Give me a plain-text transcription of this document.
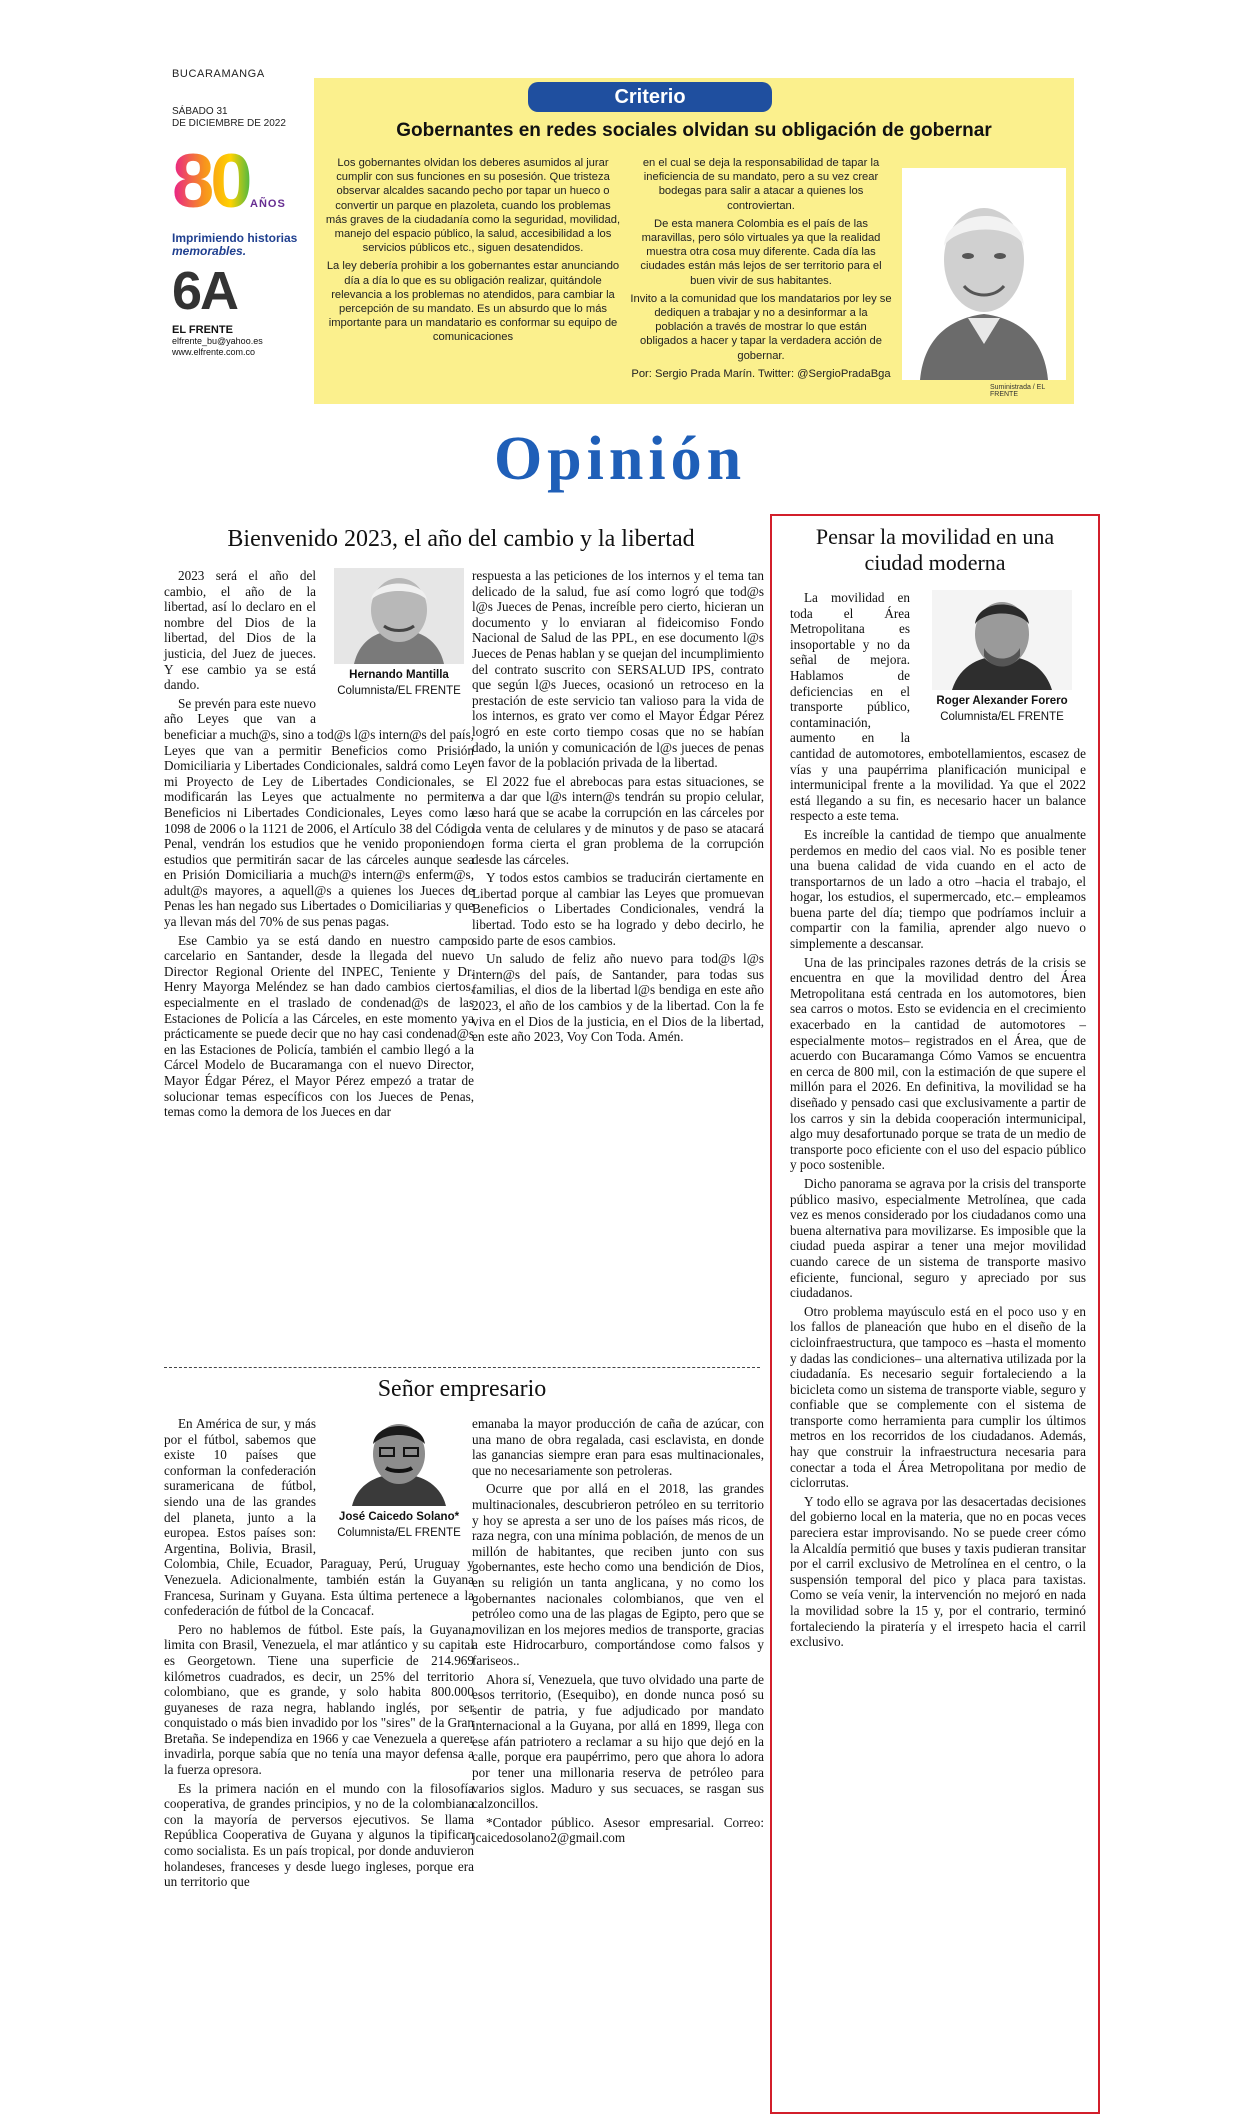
BUCARAMANGA
SÁBADO 31
DE DICIEMBRE DE 2022
80 AÑOS
Imprimiendo historias
memorables.
6A
EL FRENTE
elfrente_bu@yahoo.es
www.elfrente.com.co
Criterio
Gobernantes en redes sociales olvidan su obligación de gobernar

Los gobernantes olvidan los deberes asumidos al jurar cumplir con sus funciones en su posesión. Que tristeza observar alcaldes sacando pecho por tapar un hueco o convertir un parque en plazoleta, cuando los problemas más graves de la ciudadanía como la seguridad, movilidad, manejo del espacio público, la salud, accesibilidad a los servicios públicos etc., siguen desatendidos.

La ley debería prohibir a los gobernantes estar anunciando día a día lo que es su obligación realizar, quitándole relevancia a los problemas no atendidos, para cambiar la percepción de su mandato. Es un absurdo que lo más importante para un mandatario es conformar su equipo de comunicaciones

en el cual se deja la responsabilidad de tapar la ineficiencia de su mandato, pero a su vez crear bodegas para salir a atacar a quienes los controviertan.

De esta manera Colombia es el país de las maravillas, pero sólo virtuales ya que la realidad muestra otra cosa muy diferente. Cada día las ciudades están más lejos de ser territorio para el buen vivir de sus habitantes.

Invito a la comunidad que los mandatarios por ley se dediquen a trabajar y no a desinformar a la población a través de mostrar lo que están obligados a hacer y tapar la verdadera acción de gobernar.

Por: Sergio Prada Marín. Twitter: @SergioPradaBga

Suministrada / EL FRENTE
Opinión
Bienvenido 2023, el año del cambio y la libertad
Hernando Mantilla
Columnista/EL FRENTE

2023 será el año del cambio, el año de la libertad, así lo declaro en el nombre del Dios de la libertad, del Dios de la justicia, del Juez de jueces. Y ese cambio ya se está dando.

Se prevén para este nuevo año Leyes que van a beneficiar a much@s, sino a tod@s l@s intern@s del país, Leyes que van a permitir Beneficios como Prisión Domiciliaria y Libertades Condicionales, saldrá como Ley mi Proyecto de Ley de Libertades Condicionales, se modificarán las Leyes que actualmente no permiten Beneficios ni Libertades Condicionales, Leyes como la 1098 de 2006 o la 1121 de 2006, el Artículo 38 del Código Penal, vendrán los estudios que he venido proponiendo, estudios que permitirán sacar de las cárceles aunque sea en Prisión Domiciliaria a much@s intern@s enferm@s, adult@s mayores, a aquell@s a quienes los Jueces de Penas les han negado sus Libertades o Domiciliarias y que ya llevan más del 70% de sus penas pagas.

Ese Cambio ya se está dando en nuestro campo carcelario en Santander, desde la llegada del nuevo Director Regional Oriente del INPEC, Teniente y Dr. Henry Mayorga Meléndez se han dado cambios ciertos, especialmente en el traslado de condenad@s de las Estaciones de Policía a las Cárceles, en este momento ya prácticamente se puede decir que no hay casi condenad@s en las Estaciones de Policía, también el cambio llegó a la Cárcel Modelo de Bucaramanga con el nuevo Director, Mayor Édgar Pérez, el Mayor Pérez empezó a tratar de solucionar temas específicos con los Jueces de Penas, temas como la demora de los Jueces en dar

respuesta a las peticiones de los internos y el tema tan delicado de la salud, fue así como logró que tod@s l@s Jueces de Penas, increíble pero cierto, hicieran un documento y lo enviaran al fideicomiso Fondo Nacional de Salud de las PPL, en ese documento l@s Jueces de Penas hablan y se quejan del incumplimiento del contrato suscrito con SERSALUD IPS, contrato que según l@s Jueces, ocasionó un retroceso en la prestación de este servicio tan valioso para la vida de los internos, es grato ver como el Mayor Édgar Pérez logró en este corto tiempo cosas que no se habían dado, la unión y comunicación de l@s jueces de penas en favor de la población privada de la libertad.

El 2022 fue el abrebocas para estas situaciones, se va a dar que l@s intern@s tendrán su propio celular, eso hará que se acabe la corrupción en las cárceles por la venta de celulares y de minutos y de paso se atacará en forma cierta el gran problema de la corrupción desde las cárceles.

Y todos estos cambios se traducirán ciertamente en Libertad porque al cambiar las Leyes que promuevan Beneficios o Libertades Condicionales, vendrá la libertad. Todo esto se ha logrado y debo decirlo, he sido parte de esos cambios.

Un saludo de feliz año nuevo para tod@s l@s intern@s del país, de Santander, para todas sus familias, el dios de la libertad l@s bendiga en este año 2023, el año de los cambios y de la libertad. Con la fe viva en el Dios de la justicia, en el Dios de la libertad, en este año 2023, Voy Con Toda. Amén.

Señor empresario
José Caicedo Solano*
Columnista/EL FRENTE

En América de sur, y más por el fútbol, sabemos que existe 10 países que conforman la confederación suramericana de fútbol, siendo una de las grandes del planeta, junto a la europea. Estos países son: Argentina, Bolivia, Brasil, Colombia, Chile, Ecuador, Paraguay, Perú, Uruguay y Venezuela. Adicionalmente, también están la Guyana Francesa, Surinam y Guyana. Esta última pertenece a la confederación de fútbol de la Concacaf.

Pero no hablemos de fútbol. Este país, la Guyana, limita con Brasil, Venezuela, el mar atlántico y su capital es Georgetown. Tiene una superficie de 214.969 kilómetros cuadrados, es decir, un 25% del territorio colombiano, que es grande, y solo habita 800.000 guyaneses de raza negra, hablando inglés, por ser conquistado o más bien invadido por los "sires" de la Gran Bretaña. Se independiza en 1966 y cae Venezuela a querer invadirla, porque sabía que no tenía una mayor defensa a la fuerza opresora.

Es la primera nación en el mundo con la filosofía cooperativa, de grandes principios, y no de la colombiana con la mayoría de perversos ejecutivos. Se llama República Cooperativa de Guyana y algunos la tipifican como socialista. Es un país tropical, por donde anduvieron holandeses, franceses y desde luego ingleses, porque era un territorio que

emanaba la mayor producción de caña de azúcar, con una mano de obra regalada, casi esclavista, en donde las ganancias siempre eran para esas multinacionales, que no necesariamente son petroleras.

Ocurre que por allá en el 2018, las grandes multinacionales, descubrieron petróleo en su territorio y hoy se apresta a ser uno de los países más ricos, de raza negra, con una mínima población, de menos de un millón de habitantes, que reciben junto con sus gobernantes, este hecho como una bendición de Dios, en su religión un tanta anglicana, y no como los gobernantes nacionales colombianos, que ven el petróleo como una de las plagas de Egipto, pero que se movilizan en los mejores medios de transporte, gracias a este Hidrocarburo, comportándose como falsos y fariseos..

Ahora sí, Venezuela, que tuvo olvidado una parte de esos territorio, (Esequibo), en donde nunca posó su sentir de patria, y fue adjudicado por mandato internacional a la Guyana, por allá en 1899, llega con ese afán patriotero a reclamar a su hijo que dejó en la calle, porque era paupérrimo, pero que ahora lo adora por tener una millonaria reserva de petróleo para varios siglos. Maduro y sus secuaces, se rasgan sus calzoncillos.

*Contador público. Asesor empresarial. Correo: jcaicedosolano2@gmail.com

Pensar la movilidad en una ciudad moderna
Roger Alexander Forero
Columnista/EL FRENTE

La movilidad en toda el Área Metropolitana es insoportable y no da señal de mejora. Hablamos de deficiencias en el transporte público, contaminación, aumento en la cantidad de automotores, embotellamientos, escasez de vías y una paupérrima planificación municipal e intermunicipal frente a la movilidad. Ya que el 2022 está llegando a su fin, es necesario hacer un balance respecto a este tema.

Es increíble la cantidad de tiempo que anualmente perdemos en medio del caos vial. No es posible tener una buena calidad de vida cuando en el acto de transportarnos de un lado a otro –hacia el trabajo, el hogar, los estudios, el supermercado, etc.– empleamos buena parte del día; tiempo que podríamos incluir a compartir con la familia, aprender algo nuevo o simplemente a descansar.

Una de las principales razones detrás de la crisis se encuentra en que la movilidad dentro del Área Metropolitana está centrada en los automotores, bien sea carros o motos. Esto se evidencia en el crecimiento exacerbado en la cantidad de automotores –especialmente motos– registrados en el Área, que de acuerdo con Bucaramanga Cómo Vamos se encuentra en cerca de 800 mil, con la estimación de que supere el millón para el 2026. En definitiva, la movilidad se ha diseñado y pensado casi que exclusivamente a partir de los carros y sin la debida cooperación intermunicipal, algo muy desafortunado porque se trata de un medio de transporte poco eficiente con el uso del espacio público y poco sostenible.

Dicho panorama se agrava por la crisis del transporte público masivo, especialmente Metrolínea, que cada vez es menos considerado por los ciudadanos como una buena alternativa para movilizarse. Es imposible que la ciudad pueda aspirar a tener una mejor movilidad cuando carece de un sistema de transporte masivo eficiente, funcional, seguro y apreciado por sus ciudadanos.

Otro problema mayúsculo está en el poco uso y en los fallos de planeación que hubo en el diseño de la cicloinfraestructura, que tampoco es –hasta el momento y dadas las condiciones– una alternativa utilizada por la ciudadanía. Es necesario seguir fortaleciendo a la bicicleta como un sistema de transporte viable, seguro y confiable que se complemente con el sistema de transporte como herramienta para cumplir los últimos metros en los recorridos de los ciudadanos. Además, hay que construir la infraestructura necesaria para conectar a toda el Área Metropolitana por medio de ciclorrutas.

Y todo ello se agrava por las desacertadas decisiones del gobierno local en la materia, que no en pocas veces pareciera estar improvisando. No se puede creer cómo la Alcaldía permitió que buses y taxis pudieran transitar por el carril exclusivo de Metrolínea en el centro, o la suspensión temporal del pico y placa para taxistas. Como se veía venir, la intervención no mejoró en nada la movilidad sobre la 15 y, por el contrario, terminó fortaleciendo la piratería y el irrespeto hacia el carril exclusivo.
